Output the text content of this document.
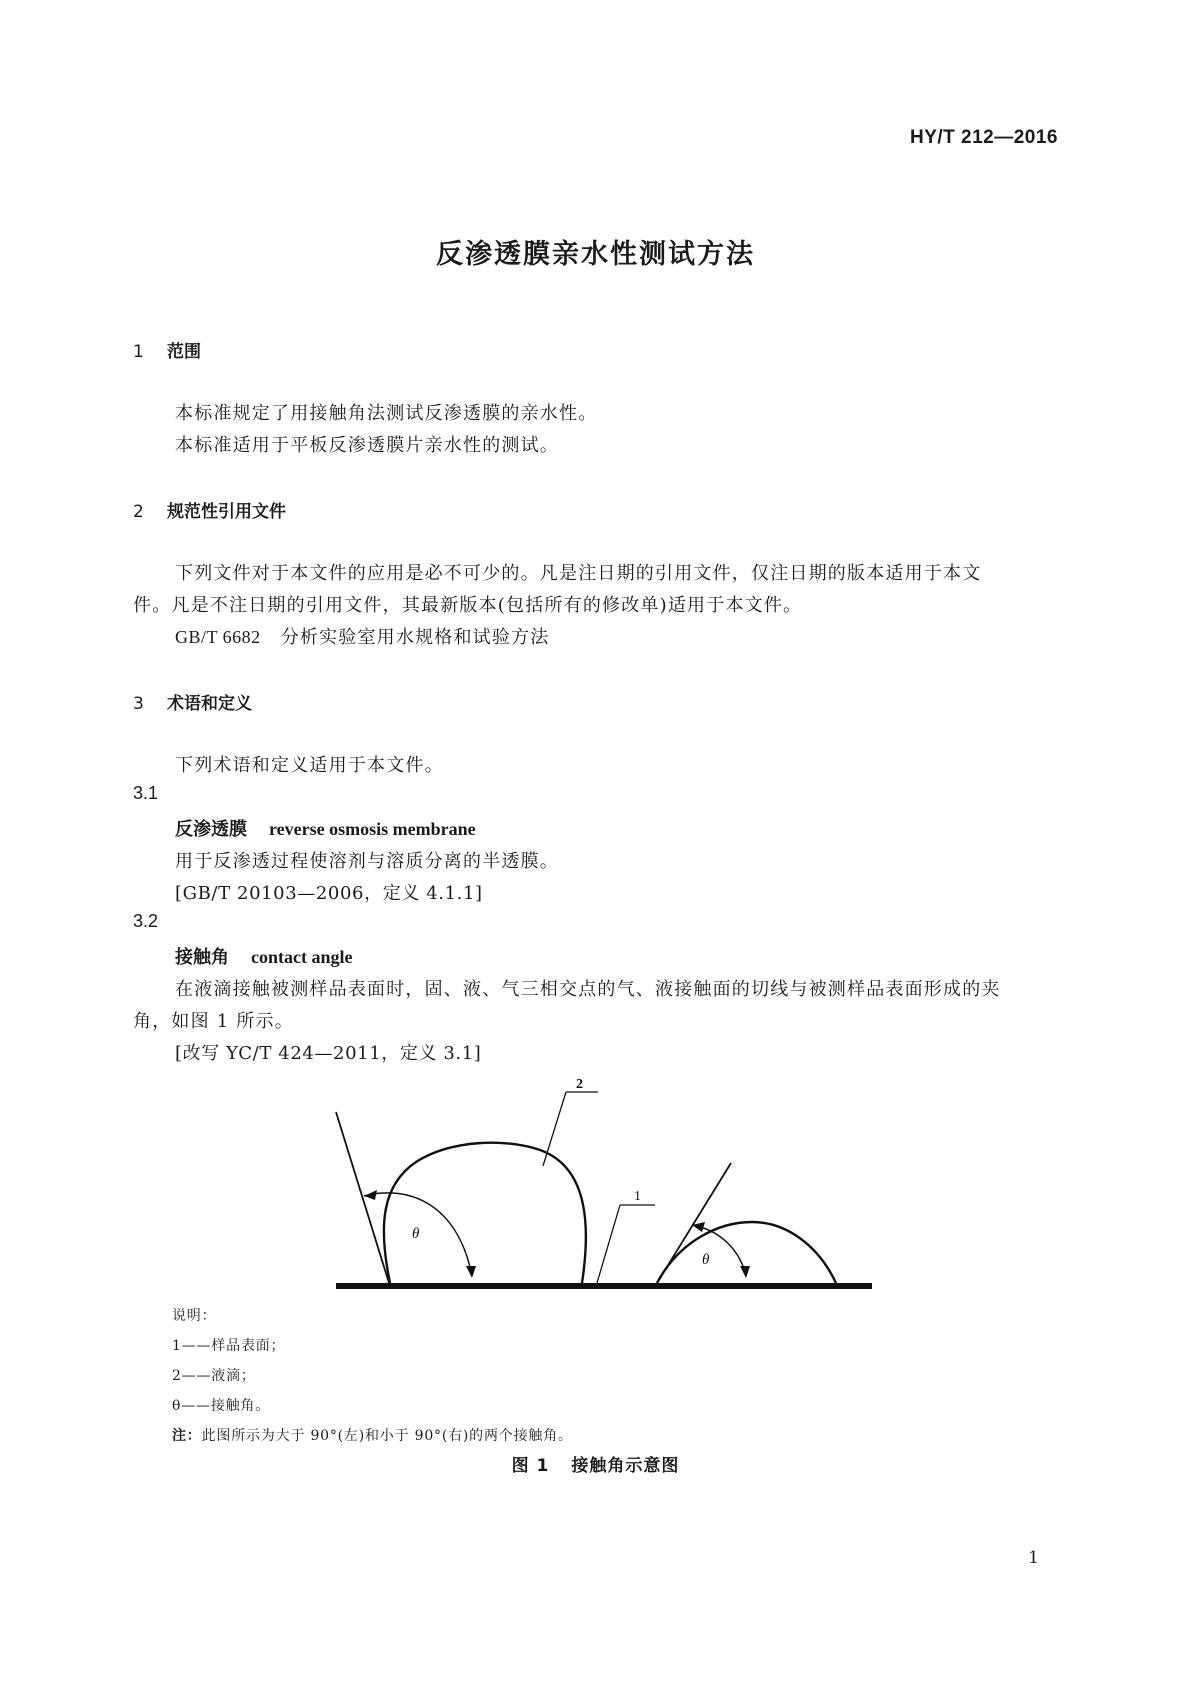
HY/T 212—2016
反渗透膜亲水性测试方法
1 范围
本标准规定了用接触角法测试反渗透膜的亲水性。
本标准适用于平板反渗透膜片亲水性的测试。
2 规范性引用文件
下列文件对于本文件的应用是必不可少的。凡是注日期的引用文件，仅注日期的版本适用于本文
件。凡是不注日期的引用文件，其最新版本(包括所有的修改单)适用于本文件。
GB/T 6682 分析实验室用水规格和试验方法
3 术语和定义
下列术语和定义适用于本文件。
3.1
反渗透膜 reverse osmosis membrane
用于反渗透过程使溶剂与溶质分离的半透膜。
[GB/T 20103—2006，定义 4.1.1]
3.2
接触角 contact angle
在液滴接触被测样品表面时，固、液、气三相交点的气、液接触面的切线与被测样品表面形成的夹
角，如图 1 所示。
[改写 YC/T 424—2011，定义 3.1]
θ
2
1
θ
说明：
1——样品表面；
2——液滴；
θ——接触角。
注：此图所示为大于 90°(左)和小于 90°(右)的两个接触角。
图 1 接触角示意图
1
